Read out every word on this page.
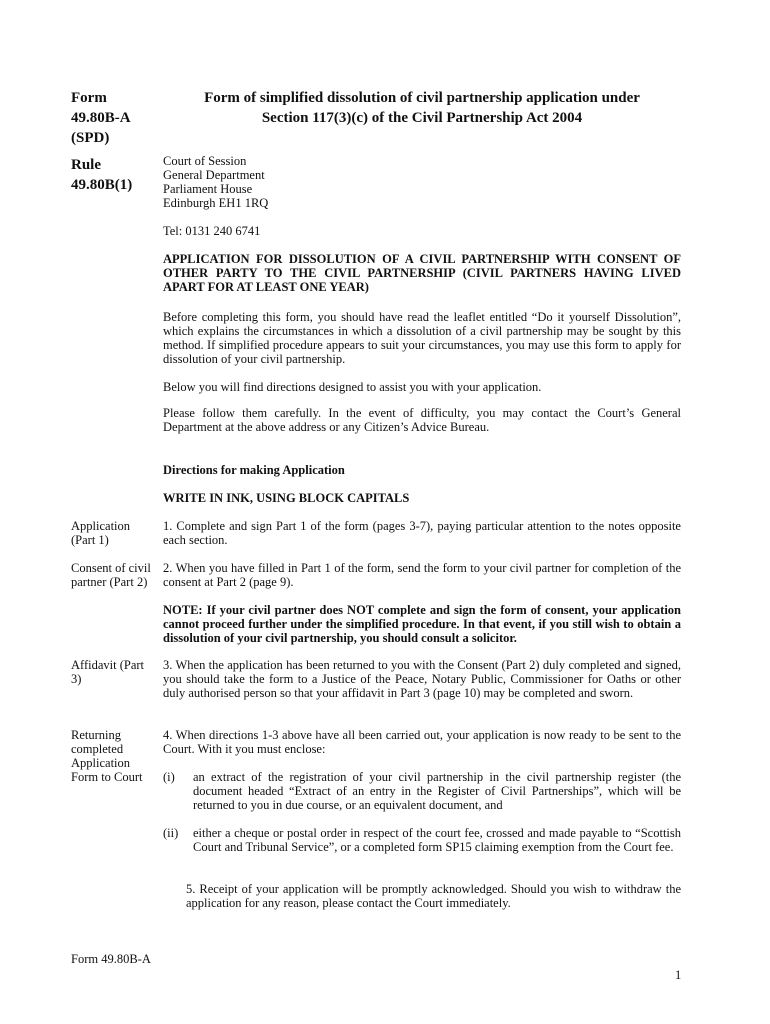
Form
49.80B-A
(SPD)
Form of simplified dissolution of civil partnership application under
Section 117(3)(c) of the Civil Partnership Act 2004
Rule
49.80B(1)
Court of Session
General Department
Parliament House
Edinburgh EH1 1RQ
Tel: 0131 240 6741
APPLICATION FOR DISSOLUTION OF A CIVIL PARTNERSHIP WITH CONSENT OF OTHER PARTY TO THE CIVIL PARTNERSHIP (CIVIL PARTNERS HAVING LIVED APART FOR AT LEAST ONE YEAR)
Before completing this form, you should have read the leaflet entitled “Do it yourself Dissolution”, which explains the circumstances in which a dissolution of a civil partnership may be sought by this method. If simplified procedure appears to suit your circumstances, you may use this form to apply for dissolution of your civil partnership.
Below you will find directions designed to assist you with your application.
Please follow them carefully. In the event of difficulty, you may contact the Court’s General Department at the above address or any Citizen’s Advice Bureau.
Directions for making Application
WRITE IN INK, USING BLOCK CAPITALS
Application (Part 1)
1. Complete and sign Part 1 of the form (pages 3-7), paying particular attention to the notes opposite each section.
Consent of civil partner (Part 2)
2. When you have filled in Part 1 of the form, send the form to your civil partner for completion of the consent at Part 2 (page 9).
NOTE: If your civil partner does NOT complete and sign the form of consent, your application cannot proceed further under the simplified procedure. In that event, if you still wish to obtain a dissolution of your civil partnership, you should consult a solicitor.
Affidavit (Part 3)
3. When the application has been returned to you with the Consent (Part 2) duly completed and signed, you should take the form to a Justice of the Peace, Notary Public, Commissioner for Oaths or other duly authorised person so that your affidavit in Part 3 (page 10) may be completed and sworn.
Returning completed Application Form to Court
4. When directions 1-3 above have all been carried out, your application is now ready to be sent to the Court. With it you must enclose:
(i) an extract of the registration of your civil partnership in the civil partnership register (the document headed “Extract of an entry in the Register of Civil Partnerships”, which will be returned to you in due course, or an equivalent document, and
(ii) either a cheque or postal order in respect of the court fee, crossed and made payable to “Scottish Court and Tribunal Service”, or a completed form SP15 claiming exemption from the Court fee.
5. Receipt of your application will be promptly acknowledged. Should you wish to withdraw the application for any reason, please contact the Court immediately.
Form 49.80B-A
1
